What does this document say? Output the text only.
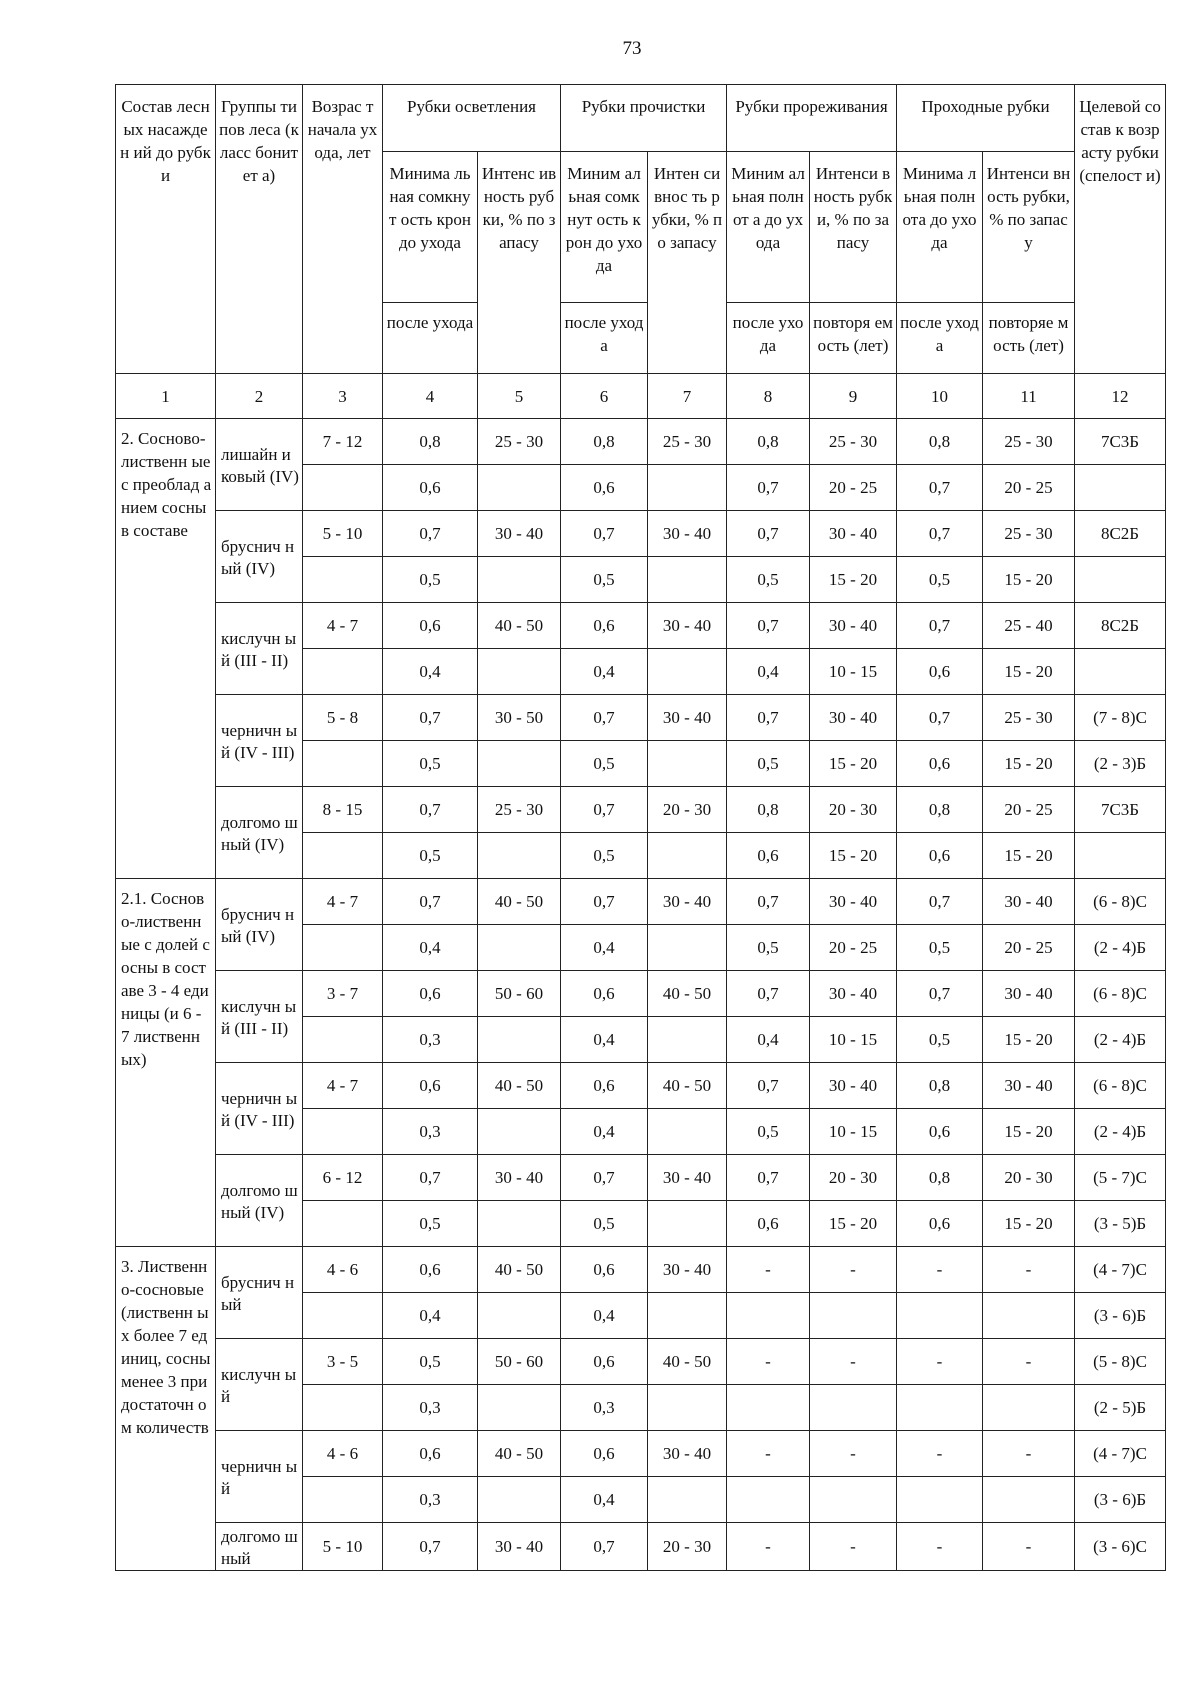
73
Состав лесных насажден ий до рубки	Группы типов леса (класс бонитет а)	Возрас т начала ухода, лет	Рубки осветления		Рубки прочистки		Рубки прореживания		Проходные рубки		Целевой состав к возрасту рубки (спелост и)
			Минима льная сомкнут ость крон до ухода	Интенс ивность рубки, % по запасу	Миним альная сомкнут ость крон до ухода	Интен сивнос ть рубки, % по запасу	Миним альная полнот а до ухода	Интенси вность рубки, % по запасу	Минима льная полнота до ухода	Интенси вность рубки, % по запасу	
			после ухода		после ухода		после ухода	повторя емость (лет)	после ухода	повторяе мость (лет)	
1	2	3	4	5	6	7	8	9	10	11	12
2. Сосново-лиственн ые с преоблад анием сосны в составе	лишайн иковый (IV)	7 - 12	0,8	25 - 30	0,8	25 - 30	0,8	25 - 30	0,8	25 - 30	7С3Б
			0,6		0,6		0,7	20 - 25	0,7	20 - 25	
	бруснич ный (IV)	5 - 10	0,7	30 - 40	0,7	30 - 40	0,7	30 - 40	0,7	25 - 30	8С2Б
			0,5		0,5		0,5	15 - 20	0,5	15 - 20	
	кислучн ый (III - II)	4 - 7	0,6	40 - 50	0,6	30 - 40	0,7	30 - 40	0,7	25 - 40	8С2Б
			0,4		0,4		0,4	10 - 15	0,6	15 - 20	
	черничн ый (IV - III)	5 - 8	0,7	30 - 50	0,7	30 - 40	0,7	30 - 40	0,7	25 - 30	(7 - 8)С
			0,5		0,5		0,5	15 - 20	0,6	15 - 20	(2 - 3)Б
	долгомо шный (IV)	8 - 15	0,7	25 - 30	0,7	20 - 30	0,8	20 - 30	0,8	20 - 25	7С3Б
			0,5		0,5		0,6	15 - 20	0,6	15 - 20	
2.1. Сосново-лиственн ые с долей сосны в составе 3 - 4 единицы (и 6 - 7 лиственн ых)	бруснич ный (IV)	4 - 7	0,7	40 - 50	0,7	30 - 40	0,7	30 - 40	0,7	30 - 40	(6 - 8)С
			0,4		0,4		0,5	20 - 25	0,5	20 - 25	(2 - 4)Б
	кислучн ый (III - II)	3 - 7	0,6	50 - 60	0,6	40 - 50	0,7	30 - 40	0,7	30 - 40	(6 - 8)С
			0,3		0,4		0,4	10 - 15	0,5	15 - 20	(2 - 4)Б
	черничн ый (IV - III)	4 - 7	0,6	40 - 50	0,6	40 - 50	0,7	30 - 40	0,8	30 - 40	(6 - 8)С
			0,3		0,4		0,5	10 - 15	0,6	15 - 20	(2 - 4)Б
	долгомо шный (IV)	6 - 12	0,7	30 - 40	0,7	30 - 40	0,7	20 - 30	0,8	20 - 30	(5 - 7)С
			0,5		0,5		0,6	15 - 20	0,6	15 - 20	(3 - 5)Б
3. Лиственн о-сосновые (лиственн ых более 7 единиц, сосны менее 3 при достаточн ом количеств	бруснич ный	4 - 6	0,6	40 - 50	0,6	30 - 40	-	-	-	-	(4 - 7)С
			0,4		0,4						(3 - 6)Б
	кислучн ый	3 - 5	0,5	50 - 60	0,6	40 - 50	-	-	-	-	(5 - 8)С
			0,3		0,3						(2 - 5)Б
	черничн ый	4 - 6	0,6	40 - 50	0,6	30 - 40	-	-	-	-	(4 - 7)С
			0,3		0,4						(3 - 6)Б
	долгомо шный	5 - 10	0,7	30 - 40	0,7	20 - 30	-	-	-	-	(3 - 6)С
